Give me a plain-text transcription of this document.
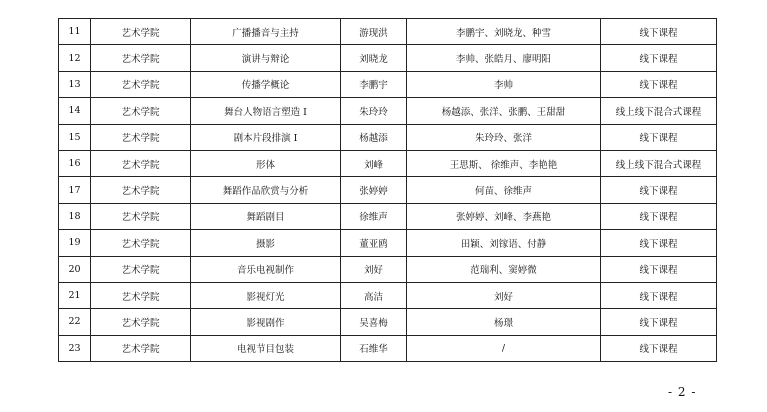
11	艺术学院	广播播音与主持	游现洪	李鹏宇、刘晓龙、种雪	线下课程
12	艺术学院	演讲与辩论	刘晓龙	李帅、张皓月、廖明阳	线下课程
13	艺术学院	传播学概论	李鹏宇	李帅	线下课程
14	艺术学院	舞台人物语言塑造 I	朱玲玲	杨越添、张洋、张鹏、王甜甜	线上线下混合式课程
15	艺术学院	剧本片段排演 I	杨越添	朱玲玲、张洋	线下课程
16	艺术学院	形体	刘峰	王思斯、 徐维声、李艳艳	线上线下混合式课程
17	艺术学院	舞蹈作品欣赏与分析	张婷婷	何苗、徐维声	线下课程
18	艺术学院	舞蹈剧目	徐维声	张婷婷、刘峰、李燕艳	线下课程
19	艺术学院	摄影	董亚鸥	田颖、刘镓语、付静	线下课程
20	艺术学院	音乐电视制作	刘好	范瑞利、窦婷微	线下课程
21	艺术学院	影视灯光	高洁	刘好	线下课程
22	艺术学院	影视剧作	吴喜梅	杨璟	线下课程
23	艺术学院	电视节目包装	石维华	/	线下课程
- 2 -
